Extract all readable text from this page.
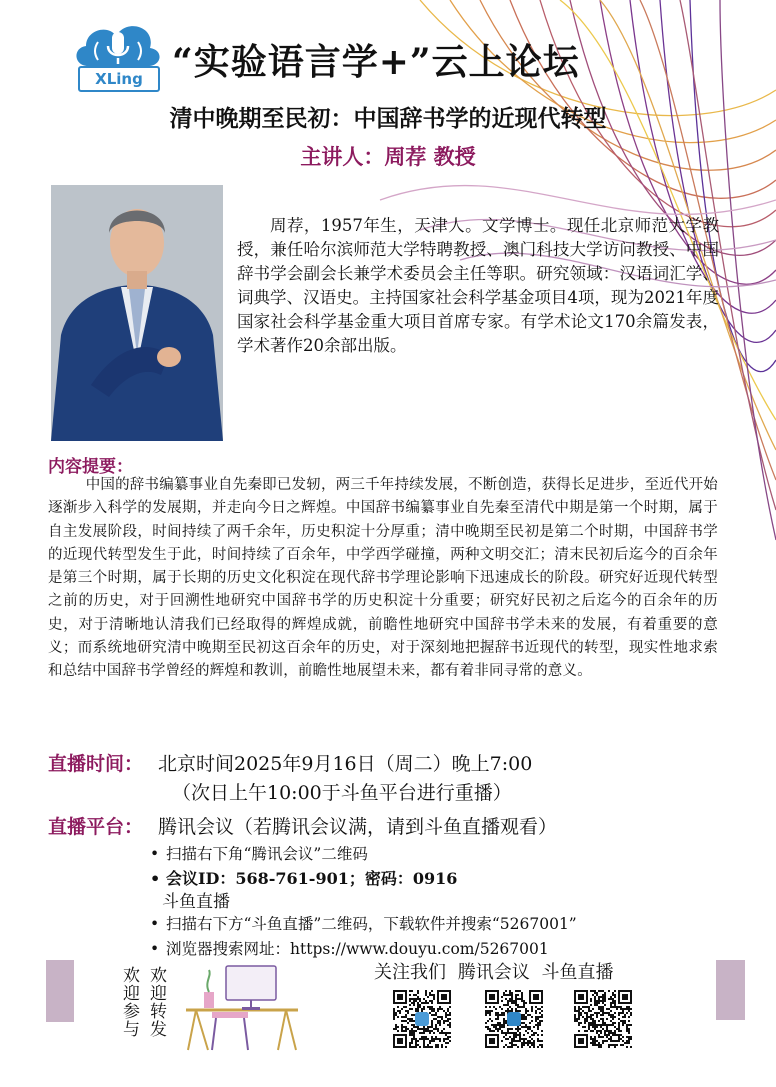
XLing “实验语言学+”云上论坛
清中晚期至民初：中国辞书学的近现代转型
主讲人：周荐 教授
周荐，1957年生，天津人。文学博士。现任北京师范大学教授，兼任哈尔滨师范大学特聘教授、澳门科技大学访问教授、中国辞书学会副会长兼学术委员会主任等职。研究领域：汉语词汇学、词典学、汉语史。主持国家社会科学基金项目4项，现为2021年度国家社会科学基金重大项目首席专家。有学术论文170余篇发表，学术著作20余部出版。
内容提要：
中国的辞书编纂事业自先秦即已发轫，两三千年持续发展，不断创造，获得长足进步，至近代开始逐渐步入科学的发展期，并走向今日之辉煌。中国辞书编纂事业自先秦至清代中期是第一个时期，属于自主发展阶段，时间持续了两千余年，历史积淀十分厚重；清中晚期至民初是第二个时期，中国辞书学的近现代转型发生于此，时间持续了百余年，中学西学碰撞，两种文明交汇；清末民初后迄今的百余年是第三个时期，属于长期的历史文化积淀在现代辞书学理论影响下迅速成长的阶段。研究好近现代转型之前的历史，对于回溯性地研究中国辞书学的历史积淀十分重要；研究好民初之后迄今的百余年的历史，对于清晰地认清我们已经取得的辉煌成就，前瞻性地研究中国辞书学未来的发展，有着重要的意义；而系统地研究清中晚期至民初这百余年的历史，对于深刻地把握辞书近现代的转型，现实性地求索和总结中国辞书学曾经的辉煌和教训，前瞻性地展望未来，都有着非同寻常的意义。
直播时间： 北京时间2025年9月16日（周二）晚上7:00
（次日上午10:00于斗鱼平台进行重播）
直播平台： 腾讯会议（若腾讯会议满，请到斗鱼直播观看）
• 扫描右下角“腾讯会议”二维码
• 会议ID：568-761-901；密码：0916
斗鱼直播
• 扫描右下方“斗鱼直播”二维码，下载软件并搜索“5267001”
• 浏览器搜索网址：https://www.douyu.com/5267001
欢迎参与 欢迎转发	关注我们 腾讯会议 斗鱼直播
